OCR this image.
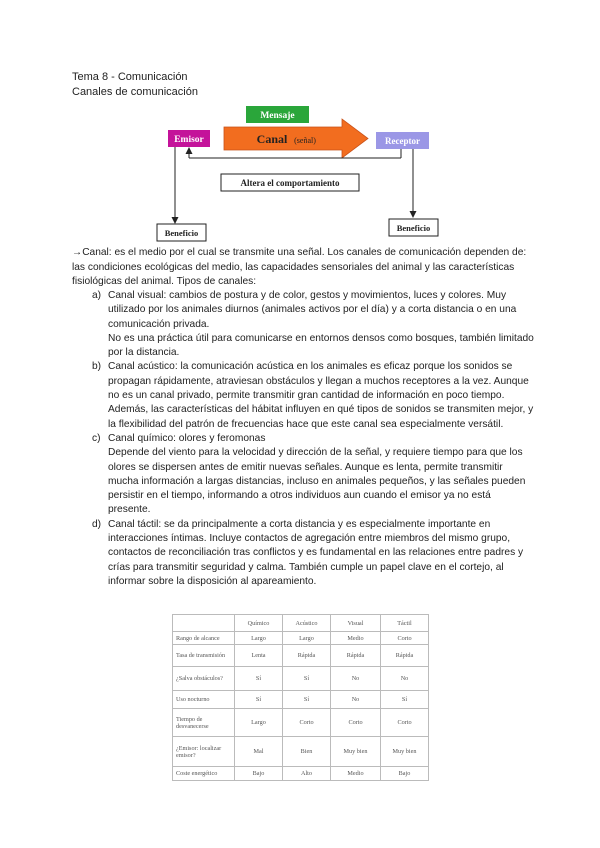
Tema 8 - Comunicación
Canales de comunicación
Mensaje
Emisor	Canal (señal)	Receptor
Altera el comportamiento
Beneficio	Beneficio

→Canal: es el medio por el cual se transmite una señal. Los canales de comunicación dependen de: las condiciones ecológicas del medio, las capacidades sensoriales del animal y las características fisiológicas del animal. Tipos de canales:

a) Canal visual: cambios de postura y de color, gestos y movimientos, luces y colores. Muy utilizado por los animales diurnos (animales activos por el día) y a corta distancia o en una comunicación privada.

No es una práctica útil para comunicarse en entornos densos como bosques, también limitado por la distancia.

b) Canal acústico: la comunicación acústica en los animales es eficaz porque los sonidos se propagan rápidamente, atraviesan obstáculos y llegan a muchos receptores a la vez. Aunque no es un canal privado, permite transmitir gran cantidad de información en poco tiempo. Además, las características del hábitat influyen en qué tipos de sonidos se transmiten mejor, y la flexibilidad del patrón de frecuencias hace que este canal sea especialmente versátil.

c) Canal químico: olores y feromonas

Depende del viento para la velocidad y dirección de la señal, y requiere tiempo para que los olores se dispersen antes de emitir nuevas señales. Aunque es lenta, permite transmitir mucha información a largas distancias, incluso en animales pequeños, y las señales pueden persistir en el tiempo, informando a otros individuos aun cuando el emisor ya no está presente.

d) Canal táctil: se da principalmente a corta distancia y es especialmente importante en interacciones íntimas. Incluye contactos de agregación entre miembros del mismo grupo, contactos de reconciliación tras conflictos y es fundamental en las relaciones entre padres y crías para transmitir seguridad y calma. También cumple un papel clave en el cortejo, al informar sobre la disposición al apareamiento.

	Químico	Acústico	Visual	Táctil
Rango de alcance	Largo	Largo	Medio	Corto
Tasa de transmisión	Lenta	Rápida	Rápida	Rápida
¿Salva obstáculos?	Sí	Sí	No	No
Uso nocturno	Sí	Sí	No	Sí
Tiempo de desvanecerse	Largo	Corto	Corto	Corto
¿Emisor: localizar emisor?	Mal	Bien	Muy bien	Muy bien
Coste energético	Bajo	Alto	Medio	Bajo
